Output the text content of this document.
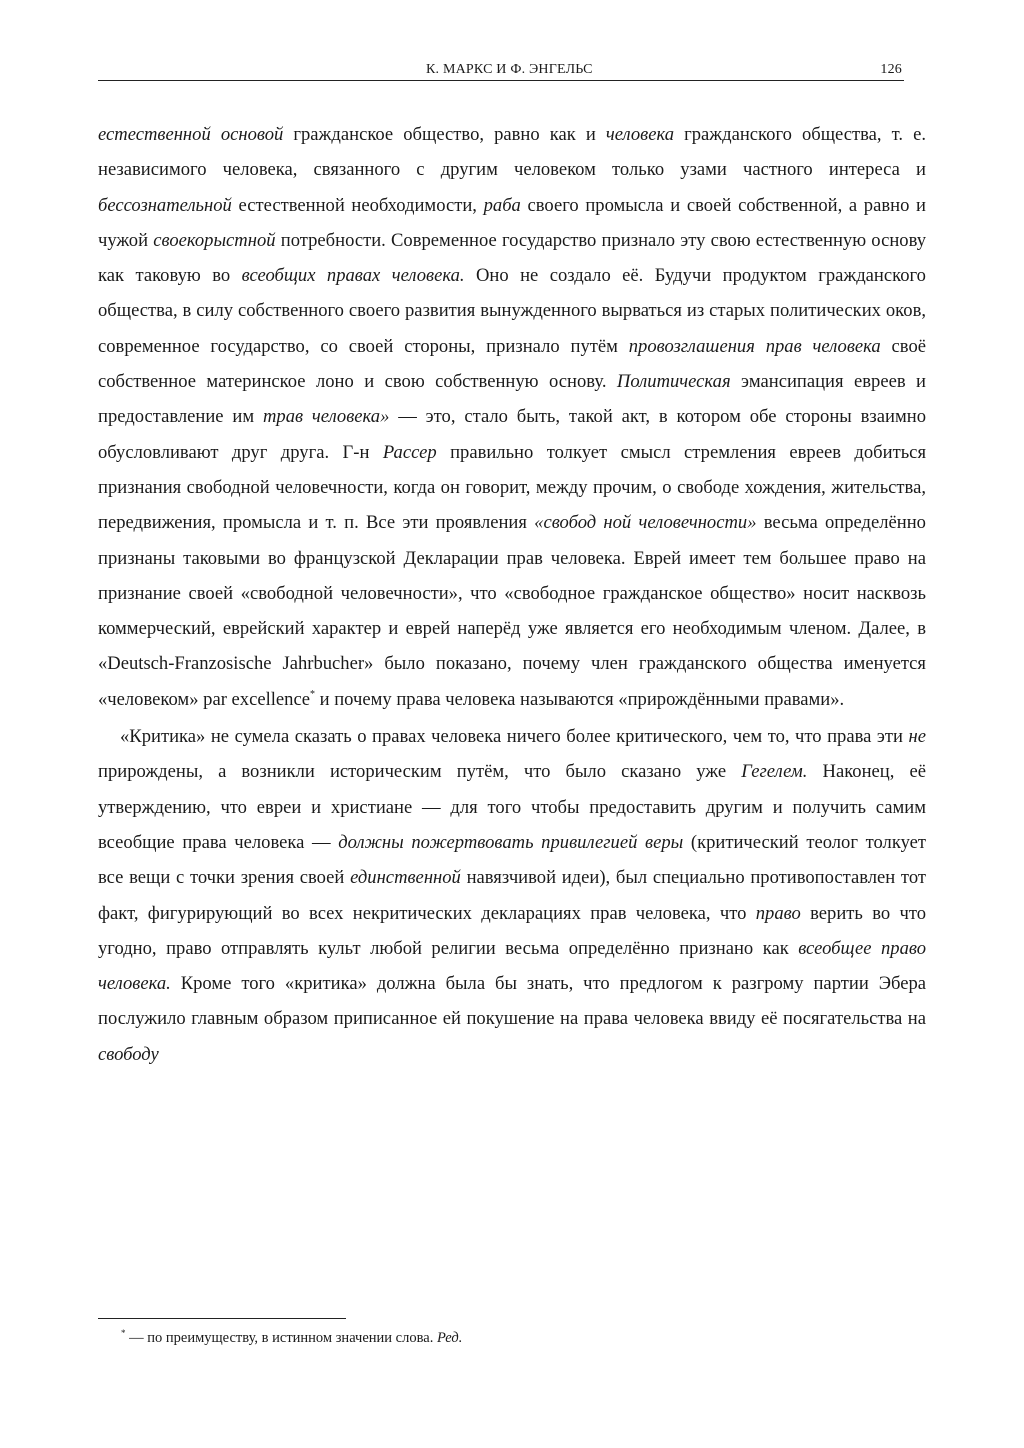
К. МАРКС И Ф. ЭНГЕЛЬС	126

естественной основой гражданское общество, равно как и человека гражданского общества, т. е. независимого человека, связанного с другим человеком только узами частного интереса и бессознательной естественной необходимости, раба своего промысла и своей собственной, а равно и чужой своекорыстной потребности. Современное государство признало эту свою естественную основу как таковую во всеобщих правах человека. Оно не создало её. Будучи продуктом гражданского общества, в силу собственного своего развития вынужденного вырваться из старых политических оков, современное государство, со своей стороны, признало путём провозглашения прав человека своё собственное материнское лоно и свою собственную основу. Политическая эмансипация евреев и предоставление им трав человека» — это, стало быть, такой акт, в котором обе стороны взаимно обусловливают друг друга. Г-н Рассер правильно толкует смысл стремления евреев добиться признания свободной человечности, когда он говорит, между прочим, о свободе хождения, жительства, передвижения, промысла и т. п. Все эти проявления «свобод ной человечности» весьма определённо признаны таковыми во французской Декларации прав человека. Еврей имеет тем большее право на признание своей «свободной человечности», что «свободное гражданское общество» носит насквозь коммерческий, еврейский характер и еврей наперёд уже является его необходимым членом. Далее, в «Deutsch-Franzosische Jahrbucher» было показано, почему член гражданского общества именуется «человеком» par excellence* и почему права человека называются «прирождёнными правами».

«Критика» не сумела сказать о правах человека ничего более критического, чем то, что права эти не прирождены, а возникли историческим путём, что было сказано уже Гегелем. Наконец, её утверждению, что евреи и христиане — для того чтобы предоставить другим и получить самим всеобщие права человека — должны пожертвовать привилегией веры (критический теолог толкует все вещи с точки зрения своей единственной навязчивой идеи), был специально противопоставлен тот факт, фигурирующий во всех некритических декларациях прав человека, что право верить во что угодно, право отправлять культ любой религии весьма определённо признано как всеобщее право человека. Кроме того «критика» должна была бы знать, что предлогом к разгрому партии Эбера послужило главным образом приписанное ей покушение на права человека ввиду её посягательства на свободу

* — по преимуществу, в истинном значении слова. Ред.
